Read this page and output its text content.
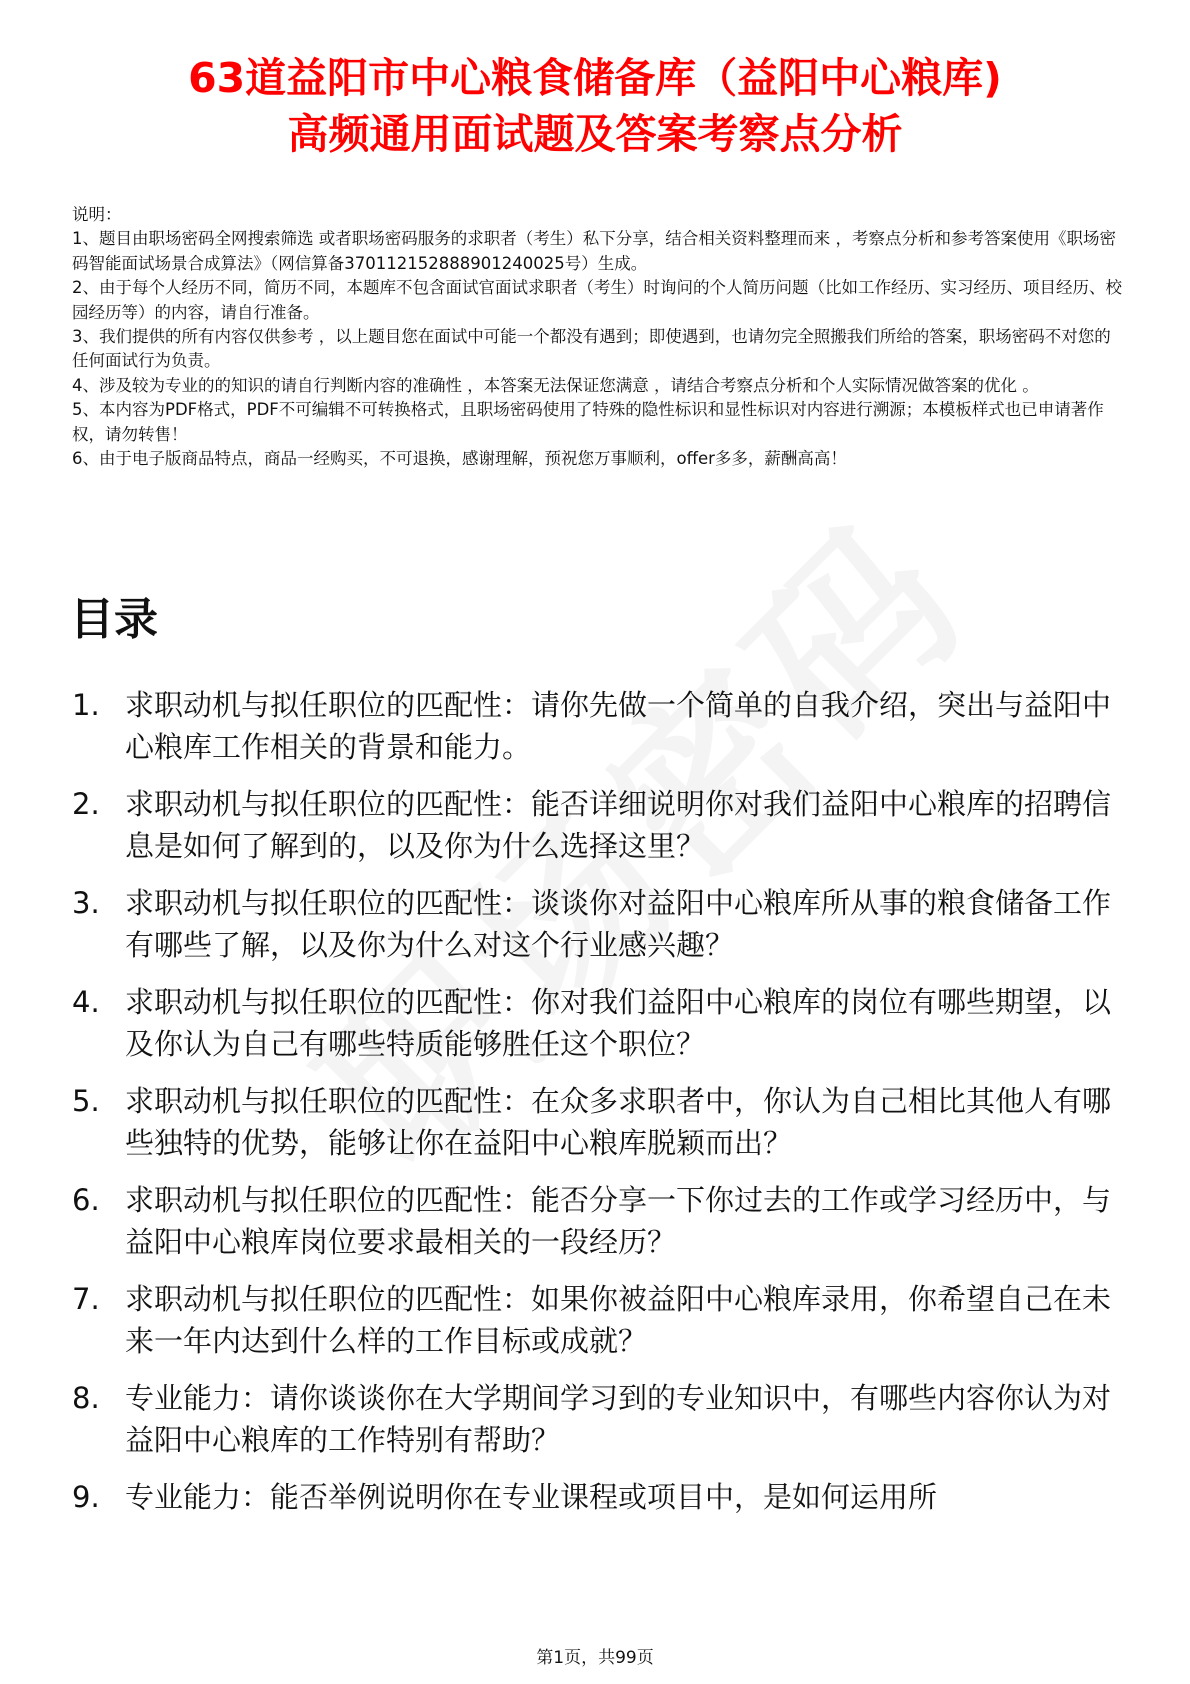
63道益阳市中心粮食储备库（益阳中心粮库)
高频通用面试题及答案考察点分析

说明：

1、题目由职场密码全网搜索筛选 或者职场密码服务的求职者（考生）私下分享，结合相关资料整理而来 ，考察点分析和参考答案使用《职场密码智能面试场景合成算法》（网信算备370112152888901240025号）生成。

2、由于每个人经历不同，简历不同，本题库不包含面试官面试求职者（考生）时询问的个人简历问题（比如工作经历、实习经历、项目经历、校园经历等）的内容，请自行准备。

3、我们提供的所有内容仅供参考 ，以上题目您在面试中可能一个都没有遇到；即使遇到，也请勿完全照搬我们所给的答案，职场密码不对您的任何面试行为负责。

4、涉及较为专业的的知识的请自行判断内容的准确性 ，本答案无法保证您满意 ，请结合考察点分析和个人实际情况做答案的优化 。

5、本内容为PDF格式，PDF不可编辑不可转换格式，且职场密码使用了特殊的隐性标识和显性标识对内容进行溯源；本模板样式也已申请著作权，请勿转售！

6、由于电子版商品特点，商品一经购买，不可退换，感谢理解，预祝您万事顺利，offer多多，薪酬高高！

目录
1. 求职动机与拟任职位的匹配性：请你先做一个简单的自我介绍，突出与益阳中心粮库工作相关的背景和能力。
2. 求职动机与拟任职位的匹配性：能否详细说明你对我们益阳中心粮库的招聘信息是如何了解到的，以及你为什么选择这里？
3. 求职动机与拟任职位的匹配性：谈谈你对益阳中心粮库所从事的粮食储备工作有哪些了解，以及你为什么对这个行业感兴趣？
4. 求职动机与拟任职位的匹配性：你对我们益阳中心粮库的岗位有哪些期望，以及你认为自己有哪些特质能够胜任这个职位？
5. 求职动机与拟任职位的匹配性：在众多求职者中，你认为自己相比其他人有哪些独特的优势，能够让你在益阳中心粮库脱颖而出？
6. 求职动机与拟任职位的匹配性：能否分享一下你过去的工作或学习经历中，与益阳中心粮库岗位要求最相关的一段经历？
7. 求职动机与拟任职位的匹配性：如果你被益阳中心粮库录用，你希望自己在未来一年内达到什么样的工作目标或成就？
8. 专业能力：请你谈谈你在大学期间学习到的专业知识中，有哪些内容你认为对益阳中心粮库的工作特别有帮助？
9. 专业能力：能否举例说明你在专业课程或项目中，是如何运用所
第1页，共99页
